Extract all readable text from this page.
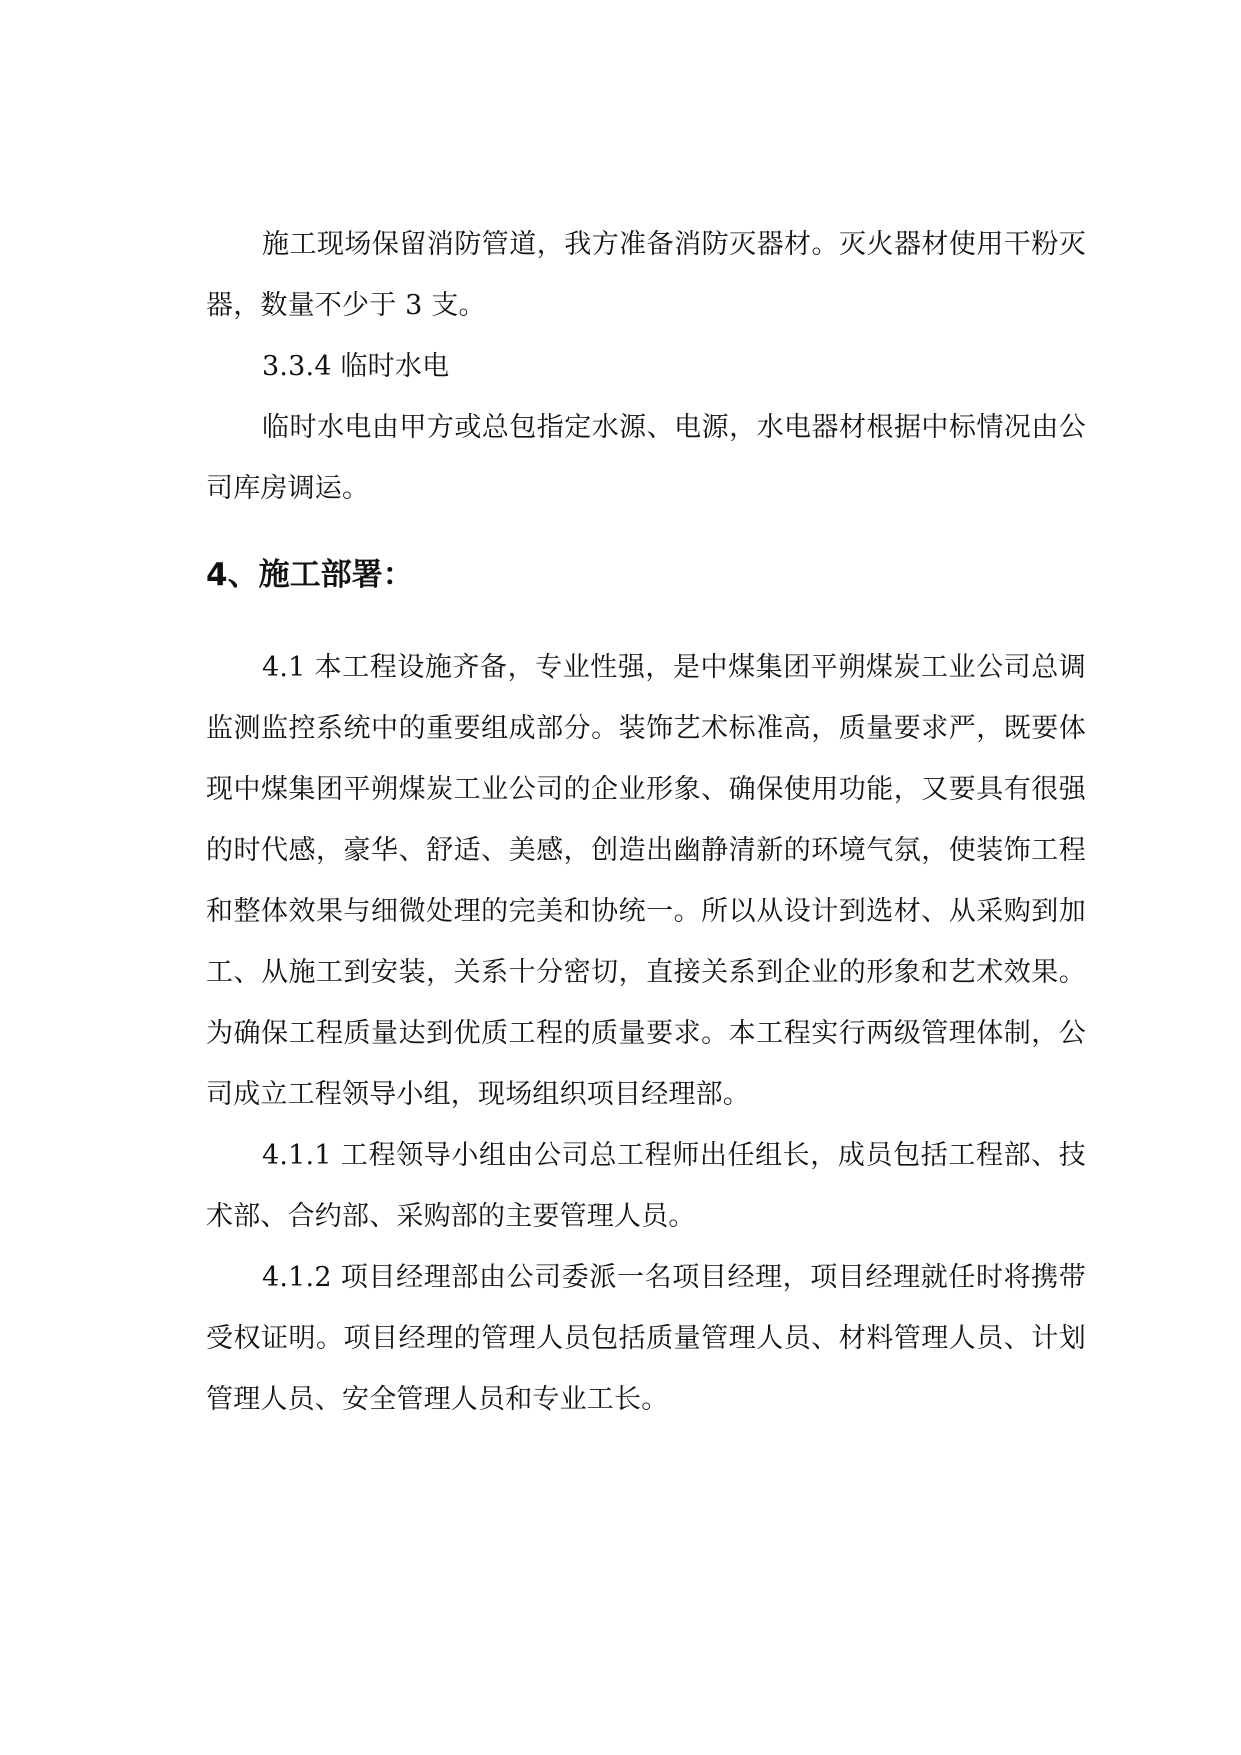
施工现场保留消防管道，我方准备消防灭器材。灭火器材使用干粉灭器，数量不少于 3 支。

3.3.4 临时水电

临时水电由甲方或总包指定水源、电源，水电器材根据中标情况由公司库房调运。

4、施工部署：

4.1 本工程设施齐备，专业性强，是中煤集团平朔煤炭工业公司总调监测监控系统中的重要组成部分。装饰艺术标准高，质量要求严，既要体现中煤集团平朔煤炭工业公司的企业形象、确保使用功能，又要具有很强的时代感，豪华、舒适、美感，创造出幽静清新的环境气氛，使装饰工程和整体效果与细微处理的完美和协统一。所以从设计到选材、从采购到加工、从施工到安装，关系十分密切，直接关系到企业的形象和艺术效果。为确保工程质量达到优质工程的质量要求。本工程实行两级管理体制，公司成立工程领导小组，现场组织项目经理部。

4.1.1 工程领导小组由公司总工程师出任组长，成员包括工程部、技术部、合约部、采购部的主要管理人员。

4.1.2 项目经理部由公司委派一名项目经理，项目经理就任时将携带受权证明。项目经理的管理人员包括质量管理人员、材料管理人员、计划管理人员、安全管理人员和专业工长。
